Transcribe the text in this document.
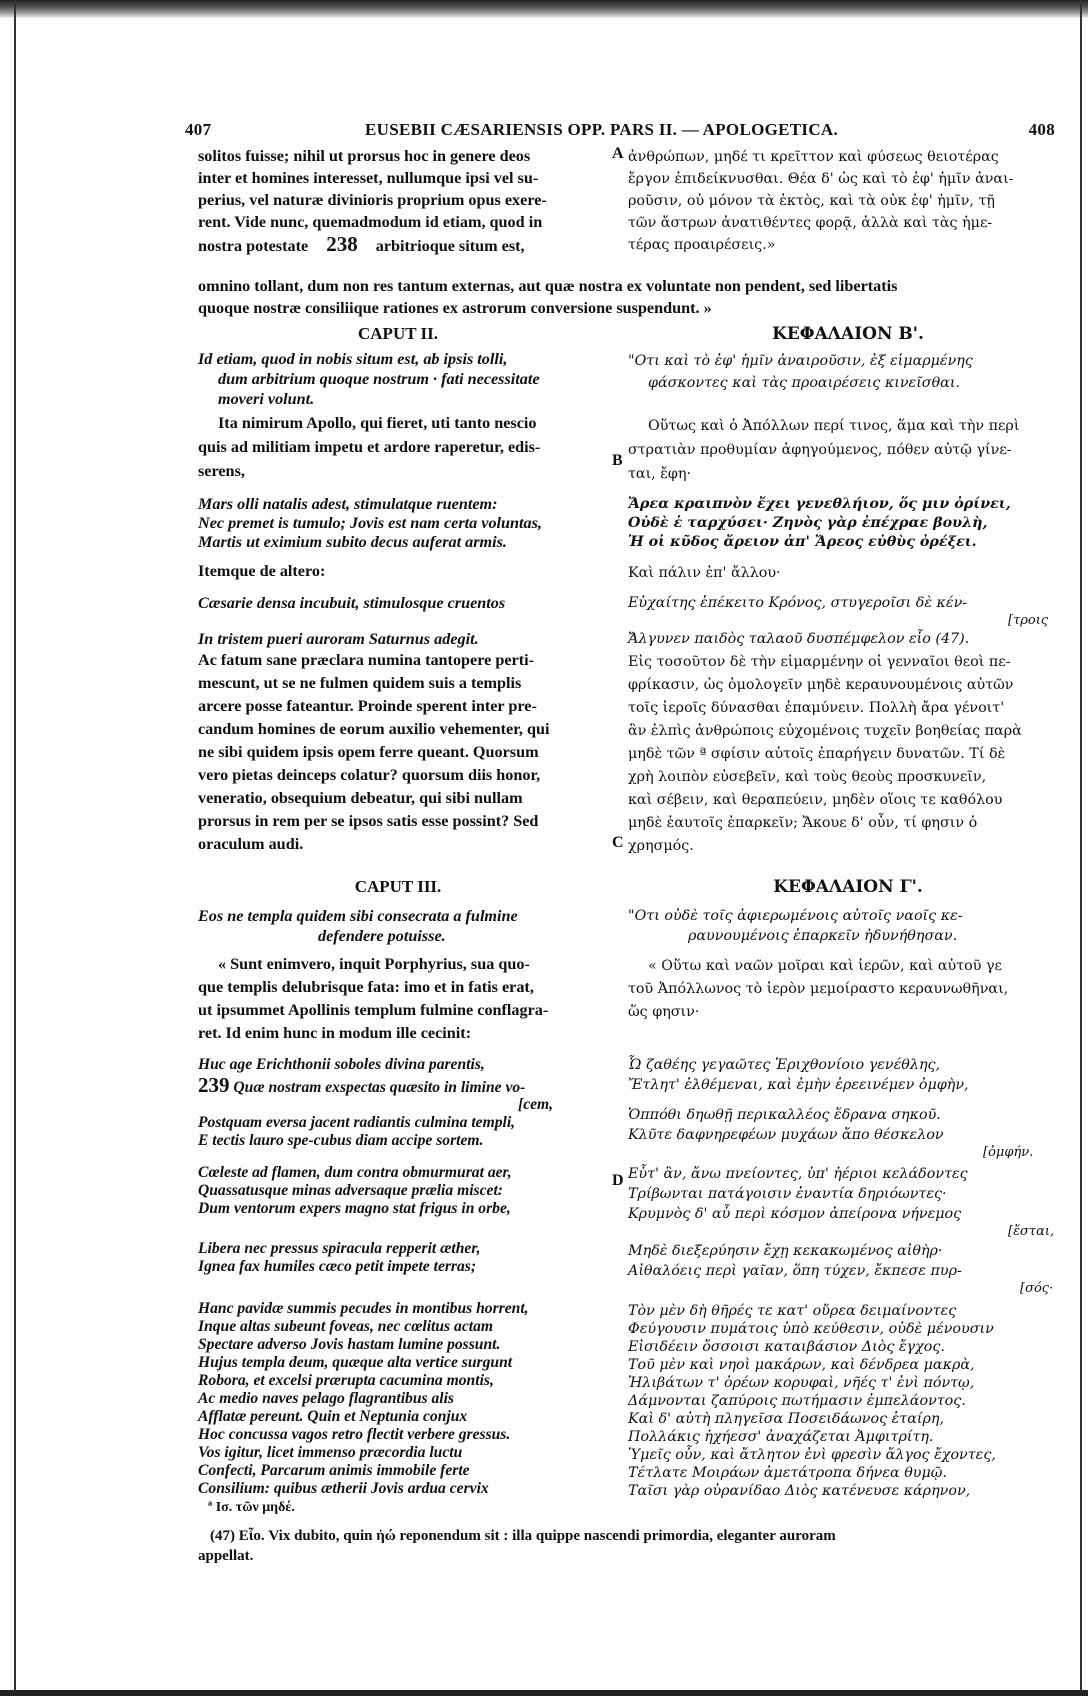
407	EUSEBII CÆSARIENSIS OPP. PARS II. — APOLOGETICA.	408
solitos fuisse; nihil ut prorsus hoc in genere deos
inter et homines interesset, nullumque ipsi vel su-
perius, vel naturæ divinioris proprium opus exere-
rent. Vide nunc, quemadmodum id etiam, quod in
nostra potestate 238 arbitrioque situm est,
A ἀνθρώπων, μηδέ τι κρεῖττον καὶ φύσεως θειοτέρας
ἔργον ἐπιδείκνυσθαι. Θέα δ' ὡς καὶ τὸ ἐφ' ἡμῖν ἀναι-
ροῦσιν, οὐ μόνον τὰ ἐκτὸς, καὶ τὰ οὐκ ἐφ' ἡμῖν, τῇ
τῶν ἄστρων ἀνατιθέντες φορᾷ, ἀλλὰ καὶ τὰς ἡμε-
τέρας προαιρέσεις.»
omnino tollant, dum non res tantum externas, aut quæ nostra ex voluntate non pendent, sed libertatis
quoque nostræ consiliique rationes ex astrorum conversione suspendunt. »
CAPUT II.	ΚΕΦΑΛΑΙΟΝ Β'.
Id etiam, quod in nobis situm est, ab ipsis tolli,
dum arbitrium quoque nostrum · fati necessitate
moveri volunt.
"Οτι καὶ τὸ ἐφ' ἡμῖν ἀναιροῦσιν, ἐξ εἱμαρμένης
φάσκοντες καὶ τὰς προαιρέσεις κινεῖσθαι.
Ita nimirum Apollo, qui fieret, uti tanto nescio
quis ad militiam impetu et ardore raperetur, edis-
serens,
B
Οὕτως καὶ ὁ Ἀπόλλων περί τινος, ἅμα καὶ τὴν περὶ
στρατιὰν προθυμίαν ἀφηγούμενος, πόθεν αὐτῷ γίνε-
ται, ἔφη·
Mars olli natalis adest, stimulatque ruentem:
Nec premet is tumulo; Jovis est nam certa voluntas,
Martis ut eximium subito decus auferat armis.
Ἄρεα κραιπνὸν ἔχει γενεθλήιον, ὅς μιν ὀρίνει,
Οὐδὲ ἑ ταρχύσει· Ζηνὸς γὰρ ἐπέχραε βουλὴ,
Ἡ οἱ κῦδος ἄρειον ἀπ' Ἄρεος εὐθὺς ὀρέξει.
Itemque de altero:	Καὶ πάλιν ἐπ' ἄλλου·
Cæsarie densa incubuit, stimulosque cruentos
In tristem pueri auroram Saturnus adegit.
Εὐχαίτης ἐπέκειτο Κρόνος, στυγεροῖσι δὲ κέν-
[τροις
Ἄλγυνεν παιδὸς ταλαοῦ δυσπέμφελον εἷο (47).
Ac fatum sane præclara numina tantopere perti-
mescunt, ut se ne fulmen quidem suis a templis
arcere posse fateantur. Proinde sperent inter pre-
candum homines de eorum auxilio vehementer, qui
ne sibi quidem ipsis opem ferre queant. Quorsum
vero pietas deinceps colatur? quorsum diis honor,
veneratio, obsequium debeatur, qui sibi nullam
prorsus in rem per se ipsos satis esse possint? Sed
oraculum audi.	C
Εἰς τοσοῦτον δὲ τὴν εἱμαρμένην οἱ γενναῖοι θεοὶ πε-
φρίκασιν, ὡς ὁμολογεῖν μηδὲ κεραυνουμένοις αὐτῶν
τοῖς ἱεροῖς δύνασθαι ἐπαμύνειν. Πολλὴ ἄρα γένοιτ'
ἂν ἐλπὶς ἀνθρώποις εὐχομένοις τυχεῖν βοηθείας παρὰ
μηδὲ τῶν ª σφίσιν αὐτοῖς ἐπαρήγειν δυνατῶν. Τί δὲ
χρὴ λοιπὸν εὐσεβεῖν, καὶ τοὺς θεοὺς προσκυνεῖν,
καὶ σέβειν, καὶ θεραπεύειν, μηδὲν οἵοις τε καθόλου
μηδὲ ἑαυτοῖς ἐπαρκεῖν; Ἄκουε δ' οὖν, τί φησιν ὁ
χρησμός.
CAPUT III.	ΚΕΦΑΛΑΙΟΝ Γ'.
Eos ne templa quidem sibi consecrata a fulmine
defendere potuisse.
"Οτι οὐδὲ τοῖς ἀφιερωμένοις αὐτοῖς ναοῖς κε-
ραυνουμένοις ἐπαρκεῖν ἠδυνήθησαν.
« Sunt enimvero, inquit Porphyrius, sua quo-
que templis delubrisque fata: imo et in fatis erat,
ut ipsummet Apollinis templum fulmine conflagra-
ret. Id enim hunc in modum ille cecinit:
« Οὕτω καὶ ναῶν μοῖραι καὶ ἱερῶν, καὶ αὐτοῦ γε
τοῦ Ἀπόλλωνος τὸ ἱερὸν μεμοίραστο κεραυνωθῆναι,
ὥς φησιν·
Huc age Erichthonii soboles divina parentis,
239 Quæ nostram exspectas quæsito in limine vo-
[cem,
Postquam eversa jacent radiantis culmina templi,
E tectis lauro spe-cubus diam accipe sortem.
Ὦ ζαθέης γεγαῶτες Ἐριχθονίοιο γενέθλης,
Ἔτλητ' ἐλθέμεναι, καὶ ἐμὴν ἐρεεινέμεν ὀμφὴν,
Ὁππόθι δηωθῇ περικαλλέος ἕδρανα σηκοῦ.
Κλῦτε δαφνηρεφέων μυχάων ἄπο θέσκελον
[ὀμφήν.
Cœleste ad flamen, dum contra obmurmurat aer,
Quassatusque minas adversaque prælia miscet:
Dum ventorum expers magno stat frigus in orbe,
D Εὖτ' ἂν, ἄνω πνείοντες, ὑπ' ἠέριοι κελάδοντες
Τρίβωνται πατάγοισιν ἐναντία δηριόωντες·
Κρυμνὸς δ' αὖ περὶ κόσμον ἀπείρονα νήνεμος
[ἔσται,
Libera nec pressus spiracula repperit æther,
Ignea fax humiles cæco petit impete terras;
Μηδὲ διεξερύησιν ἔχῃ κεκακωμένος αἰθὴρ·
Αἰθαλόεις περὶ γαῖαν, ὅπη τύχεν, ἔκπεσε πυρ-
[σός·
Hanc pavidæ summis pecudes in montibus horrent,
Inque altas subeunt foveas, nec cœlitus actam
Spectare adverso Jovis hastam lumine possunt.
Hujus templa deum, quæque alta vertice surgunt
Robora, et excelsi prærupta cacumina montis,
Ac medio naves pelago flagrantibus alis
Afflatæ pereunt. Quin et Neptunia conjux
Hoc concussa vagos retro flectit verbere gressus.
Vos igitur, licet immenso præcordia luctu
Confecti, Parcarum animis immobile ferte
Consilium: quibus ætherii Jovis ardua cervix
Τὸν μὲν δὴ θῆρές τε κατ' οὔρεα δειμαίνοντες
Φεύγουσιν πυμάτοις ὑπὸ κεύθεσιν, οὐδὲ μένουσιν
Εἰσιδέειν ὄσσοισι καταιβάσιον Διὸς ἔγχος.
Τοῦ μὲν καὶ νηοὶ μακάρων, καὶ δένδρεα μακρὰ,
Ἠλιβάτων τ' ὀρέων κορυφαὶ, νῆές τ' ἐνὶ πόντῳ,
Δάμνονται ζαπύροις πωτήμασιν ἐμπελάοντος.
Καὶ δ' αὐτὴ πληγεῖσα Ποσειδάωνος ἑταίρη,
Πολλάκις ἠχήεσσ' ἀναχάζεται Ἀμφιτρίτη.
Ὑμεῖς οὖν, καὶ ἄτλητον ἐνὶ φρεσὶν ἄλγος ἔχοντες,
Τέτλατε Μοιράων ἀμετάτροπα δήνεα θυμῷ.
Ταῖσι γὰρ οὐρανίδαο Διὸς κατένευσε κάρηνον,
ª Ισ. τῶν μηδέ.
(47) Εἷο. Vix dubito, quin ἠώ reponendum sit : illa quippe nascendi primordia, eleganter auroram
appellat.
